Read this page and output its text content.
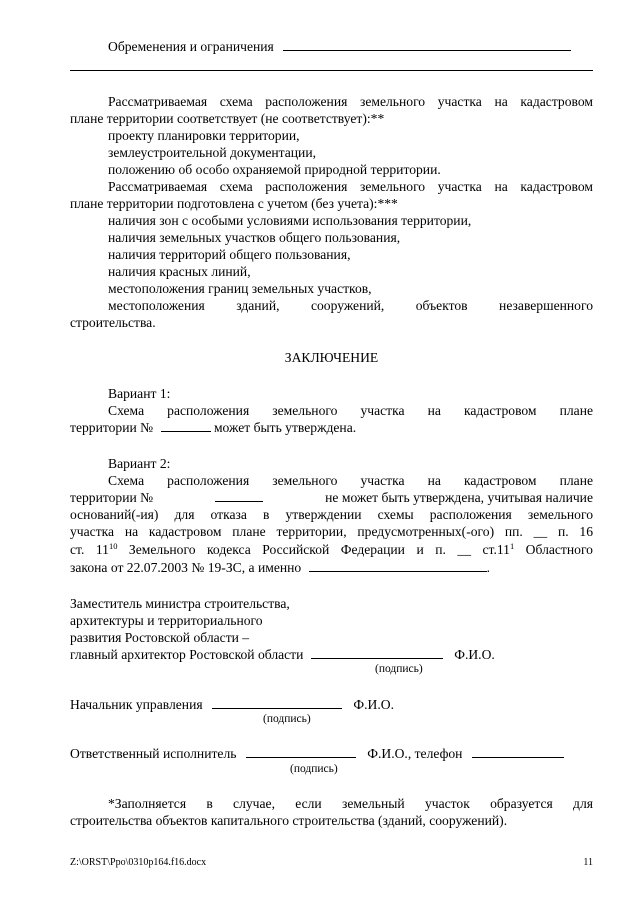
Обременения и ограничения
Рассматриваемая схема расположения земельного участка на кадастровом
плане территории соответствует (не соответствует):**
проекту планировки территории,
землеустроительной документации,
положению об особо охраняемой природной территории.
Рассматриваемая схема расположения земельного участка на кадастровом
плане территории подготовлена с учетом (без учета):***
наличия зон с особыми условиями использования территории,
наличия земельных участков общего пользования,
наличия территорий общего пользования,
наличия красных линий,
местоположения границ земельных участков,
местоположения зданий, сооружений, объектов незавершенного
строительства.
ЗАКЛЮЧЕНИЕ
Вариант 1:
Схема расположения земельного участка на кадастровом плане
территории №	может быть утверждена.
Вариант 2:
Схема расположения земельного участка на кадастровом плане
территории №	не может быть утверждена, учитывая наличие
оснований(-ия) для отказа в утверждении схемы расположения земельного
участка на кадастровом плане территории, предусмотренных(-ого) пп. __ п. 16
ст. $11^{10}$ Земельного кодекса Российской Федерации и п. __ $ст.11^1$ Областного
закона от 22.07.2003 № 19-ЗС, а именно	.
Заместитель министра строительства,
архитектуры и территориального
развития Ростовской области –
главный архитектор Ростовской области	Ф.И.О.
(подпись)
Начальник управления	Ф.И.О.
(подпись)
Ответственный исполнитель	Ф.И.О., телефон
(подпись)
*Заполняется в случае, если земельный участок образуется для
строительства объектов капитального строительства (зданий, сооружений).
Z:\ORST\Ppo\0310p164.f16.docx	11
